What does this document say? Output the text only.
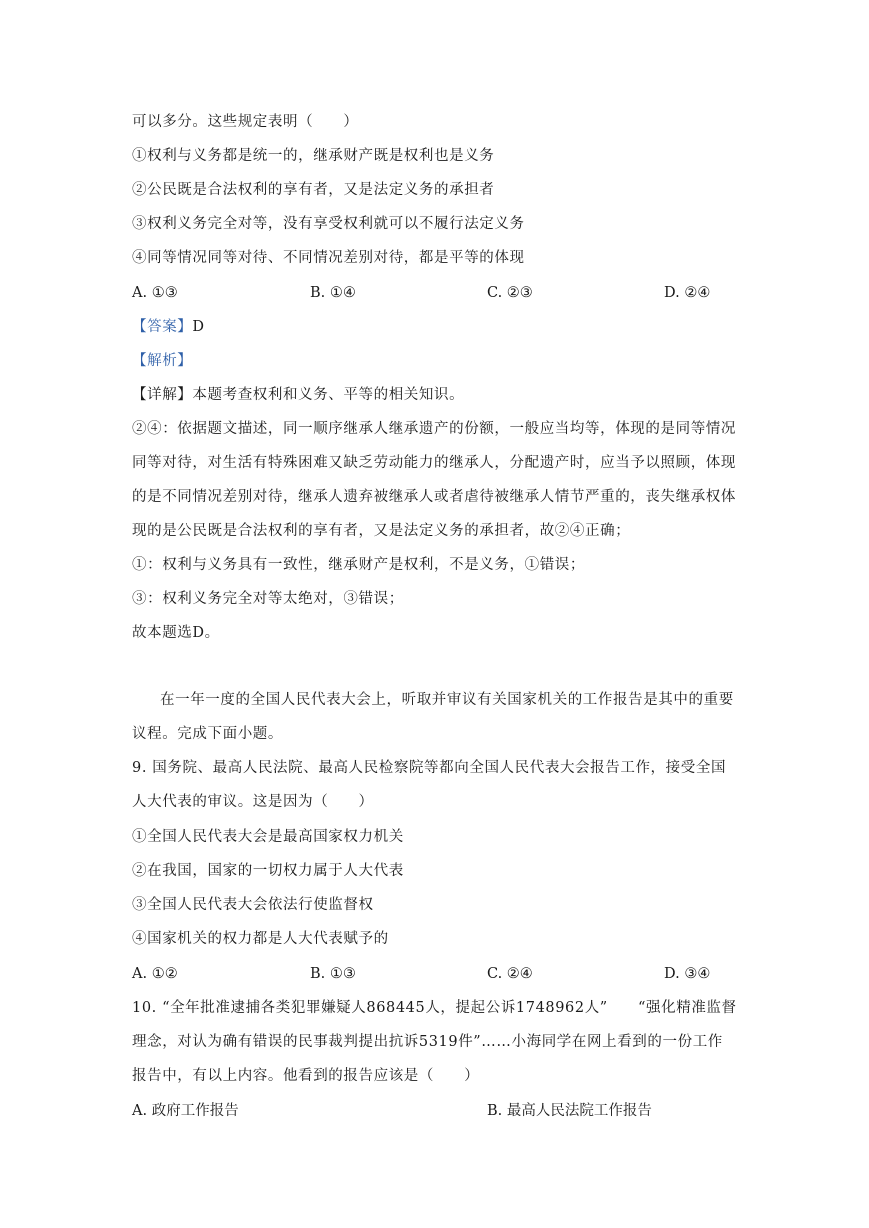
可以多分。这些规定表明（　　）
①权利与义务都是统一的，继承财产既是权利也是义务
②公民既是合法权利的享有者，又是法定义务的承担者
③权利义务完全对等，没有享受权利就可以不履行法定义务
④同等情况同等对待、不同情况差别对待，都是平等的体现
A. ①③	B. ①④	C. ②③	D. ②④
【答案】D
【解析】
【详解】本题考查权利和义务、平等的相关知识。
②④：依据题文描述，同一顺序继承人继承遗产的份额，一般应当均等，体现的是同等情况
同等对待，对生活有特殊困难又缺乏劳动能力的继承人，分配遗产时，应当予以照顾，体现
的是不同情况差别对待，继承人遗弃被继承人或者虐待被继承人情节严重的，丧失继承权体
现的是公民既是合法权利的享有者，又是法定义务的承担者，故②④正确；
①：权利与义务具有一致性，继承财产是权利，不是义务，①错误；
③：权利义务完全对等太绝对，③错误；
故本题选D。
在一年一度的全国人民代表大会上，听取并审议有关国家机关的工作报告是其中的重要
议程。完成下面小题。
9. 国务院、最高人民法院、最高人民检察院等都向全国人民代表大会报告工作，接受全国
人大代表的审议。这是因为（　　）
①全国人民代表大会是最高国家权力机关
②在我国，国家的一切权力属于人大代表
③全国人民代表大会依法行使监督权
④国家机关的权力都是人大代表赋予的
A. ①②	B. ①③	C. ②④	D. ③④
10. “全年批准逮捕各类犯罪嫌疑人868445人，提起公诉1748962人”　　“强化精准监督
理念，对认为确有错误的民事裁判提出抗诉5319件”……小海同学在网上看到的一份工作
报告中，有以上内容。他看到的报告应该是（　　）
A. 政府工作报告	B. 最高人民法院工作报告
